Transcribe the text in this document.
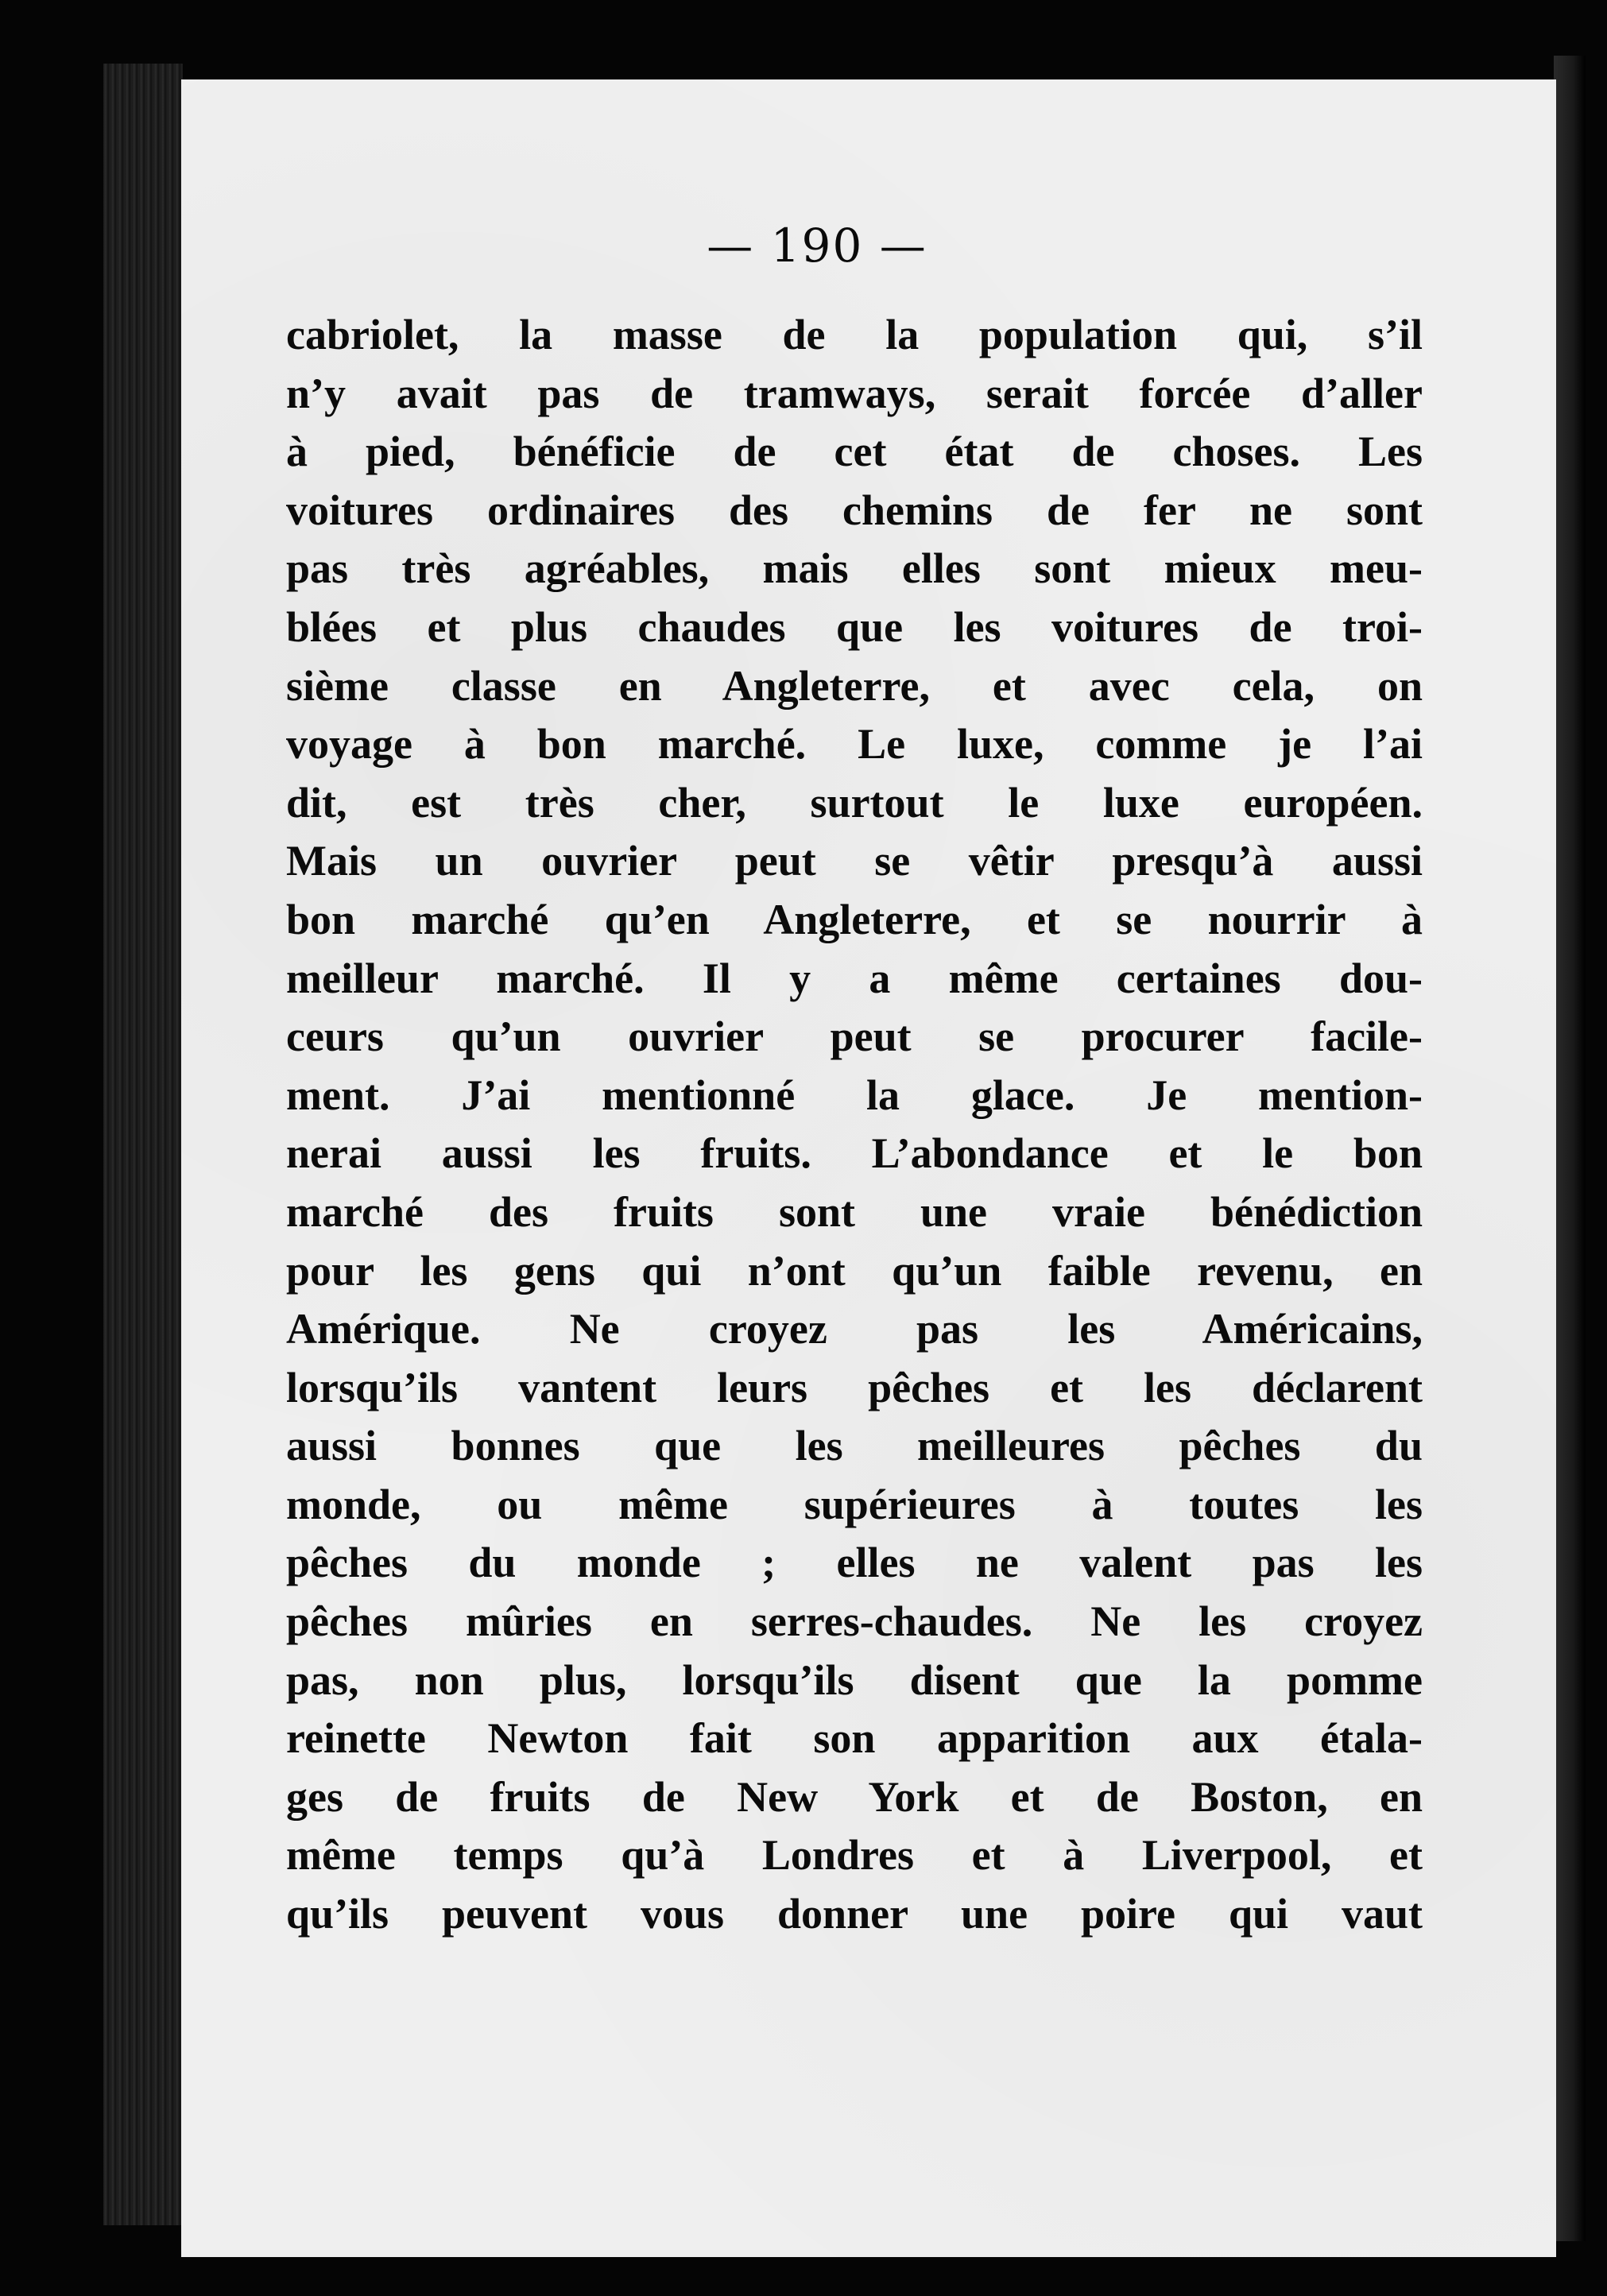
— 190 —
cabriolet, la masse de la population qui, s’il
n’y avait pas de tramways, serait forcée d’aller
à pied, bénéficie de cet état de choses. Les
voitures ordinaires des chemins de fer ne sont
pas très agréables, mais elles sont mieux meu-
blées et plus chaudes que les voitures de troi-
sième classe en Angleterre, et avec cela, on
voyage à bon marché. Le luxe, comme je l’ai
dit, est très cher, surtout le luxe européen.
Mais un ouvrier peut se vêtir presqu’à aussi
bon marché qu’en Angleterre, et se nourrir à
meilleur marché. Il y a même certaines dou-
ceurs qu’un ouvrier peut se procurer facile-
ment. J’ai mentionné la glace. Je mention-
nerai aussi les fruits. L’abondance et le bon
marché des fruits sont une vraie bénédiction
pour les gens qui n’ont qu’un faible revenu, en
Amérique. Ne croyez pas les Américains,
lorsqu’ils vantent leurs pêches et les déclarent
aussi bonnes que les meilleures pêches du
monde, ou même supérieures à toutes les
pêches du monde ; elles ne valent pas les
pêches mûries en serres-chaudes. Ne les croyez
pas, non plus, lorsqu’ils disent que la pomme
reinette Newton fait son apparition aux étala-
ges de fruits de New York et de Boston, en
même temps qu’à Londres et à Liverpool, et
qu’ils peuvent vous donner une poire qui vaut
